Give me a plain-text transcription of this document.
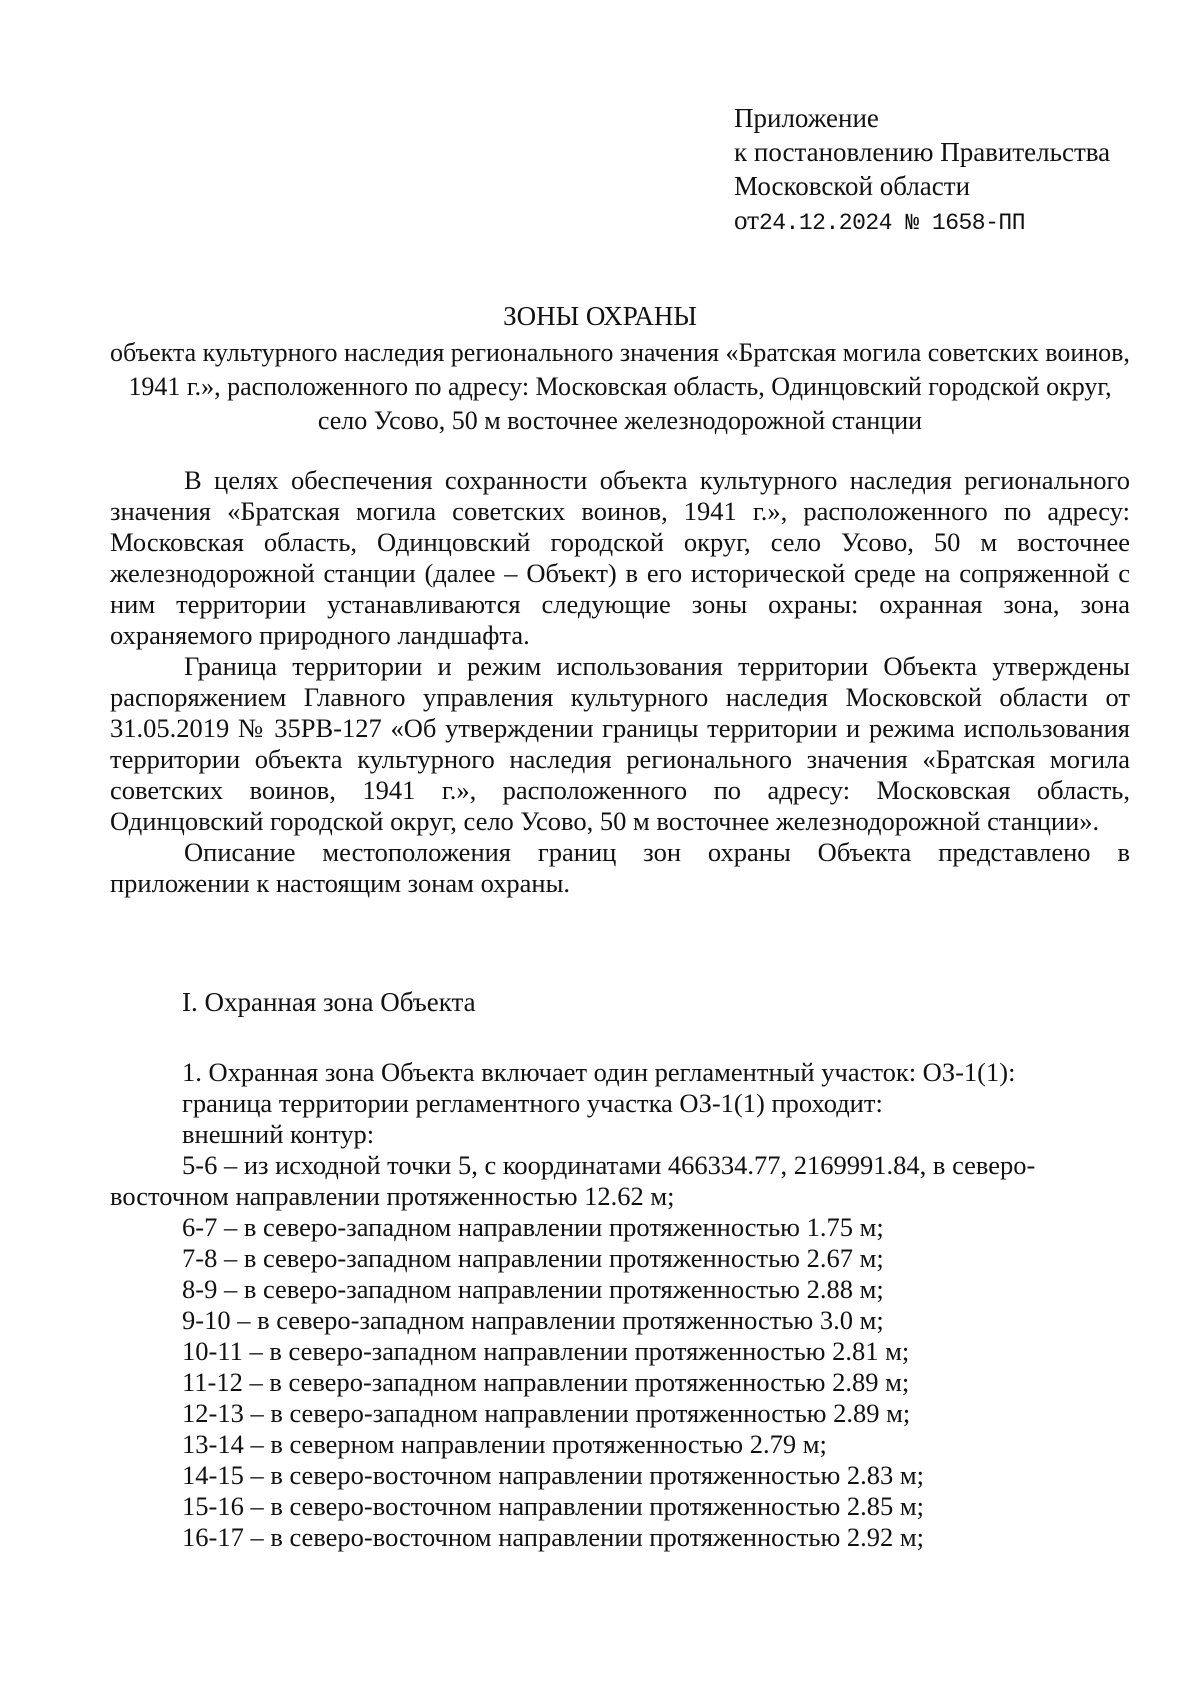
Приложение
к постановлению Правительства
Московской области
от24.12.2024 № 1658-ПП
ЗОНЫ ОХРАНЫ
объекта культурного наследия регионального значения «Братская могила советских воинов, 1941 г.», расположенного по адресу: Московская область, Одинцовский городской округ, село Усово, 50 м восточнее железнодорожной станции

В целях обеспечения сохранности объекта культурного наследия регионального значения «Братская могила советских воинов, 1941 г.», расположенного по адресу: Московская область, Одинцовский городской округ, село Усово, 50 м восточнее железнодорожной станции (далее – Объект) в его исторической среде на сопряженной с ним территории устанавливаются следующие зоны охраны: охранная зона, зона охраняемого природного ландшафта.

Граница территории и режим использования территории Объекта утверждены распоряжением Главного управления культурного наследия Московской области от 31.05.2019 № 35РВ-127 «Об утверждении границы территории и режима использования территории объекта культурного наследия регионального значения «Братская могила советских воинов, 1941 г.», расположенного по адресу: Московская область, Одинцовский городской округ, село Усово, 50 м восточнее железнодорожной станции».

Описание местоположения границ зон охраны Объекта представлено в приложении к настоящим зонам охраны.

I. Охранная зона Объекта

1. Охранная зона Объекта включает один регламентный участок: ОЗ-1(1):

граница территории регламентного участка ОЗ-1(1) проходит:

внешний контур:

5-6 – из исходной точки 5, с координатами 466334.77, 2169991.84, в северо-восточном направлении протяженностью 12.62 м;

6-7 – в северо-западном направлении протяженностью 1.75 м;

7-8 – в северо-западном направлении протяженностью 2.67 м;

8-9 – в северо-западном направлении протяженностью 2.88 м;

9-10 – в северо-западном направлении протяженностью 3.0 м;

10-11 – в северо-западном направлении протяженностью 2.81 м;

11-12 – в северо-западном направлении протяженностью 2.89 м;

12-13 – в северо-западном направлении протяженностью 2.89 м;

13-14 – в северном направлении протяженностью 2.79 м;

14-15 – в северо-восточном направлении протяженностью 2.83 м;

15-16 – в северо-восточном направлении протяженностью 2.85 м;

16-17 – в северо-восточном направлении протяженностью 2.92 м;
